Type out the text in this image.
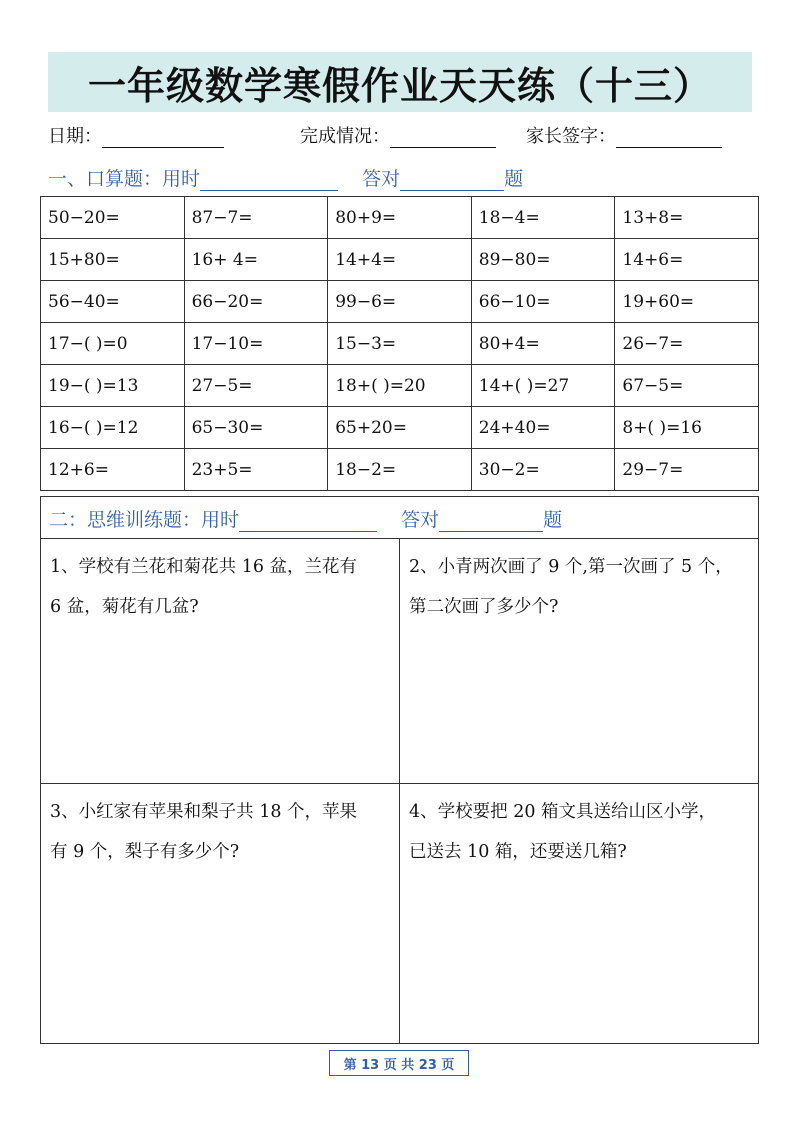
一年级数学寒假作业天天练（十三）
日期：	完成情况：	家长签字：
一、口算题：用时	答对	题
50−20=	87−7=	80+9=	18−4=	13+8=
15+80=	16+ 4=	14+4=	89−80=	14+6=
56−40=	66−20=	99−6=	66−10=	19+60=
17−( )=0	17−10=	15−3=	80+4=	26−7=
19−( )=13	27−5=	18+( )=20	14+( )=27	67−5=
16−( )=12	65−30=	65+20=	24+40=	8+( )=16
12+6=	23+5=	18−2=	30−2=	29−7=
二：思维训练题：用时	答对	题
1、学校有兰花和菊花共 16 盆，兰花有
6 盆，菊花有几盆?
2、小青两次画了 9 个,第一次画了 5 个，
第二次画了多少个?
3、小红家有苹果和梨子共 18 个，苹果
有 9 个，梨子有多少个?
4、学校要把 20 箱文具送给山区小学，
已送去 10 箱，还要送几箱?
第 13 页 共 23 页
